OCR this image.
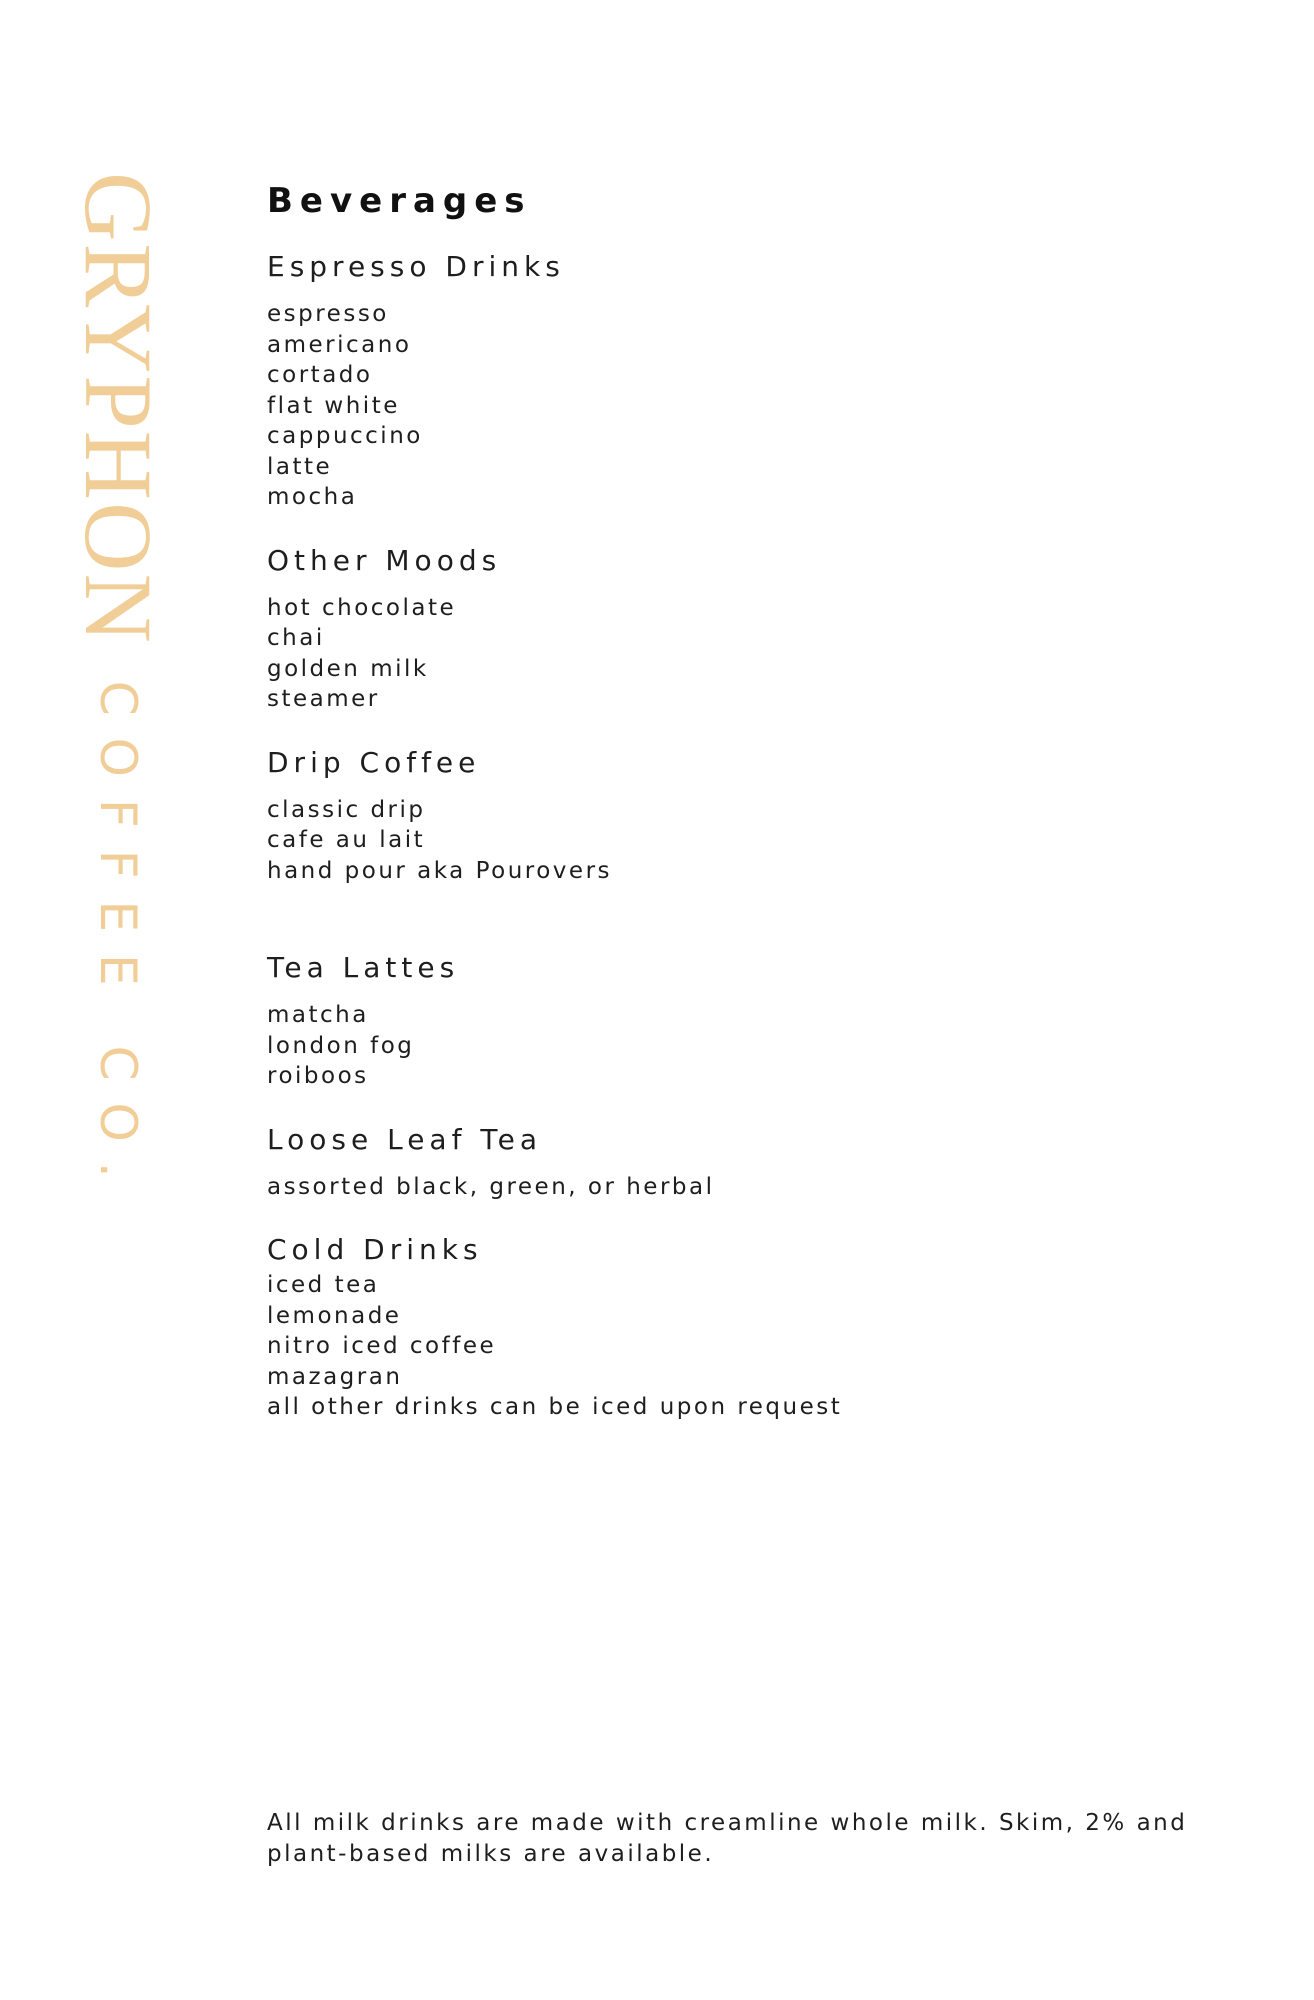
GRYPHONCOFFEE CO.
Beverages
Espresso Drinks
espresso
americano
cortado
flat white
cappuccino
latte
mocha
Other Moods
hot chocolate
chai
golden milk
steamer
Drip Coffee
classic drip
cafe au lait
hand pour aka Pourovers
Tea Lattes
matcha
london fog
roiboos
Loose Leaf Tea
assorted black, green, or herbal
Cold Drinks
iced tea
lemonade
nitro iced coffee
mazagran
all other drinks can be iced upon request
All milk drinks are made with creamline whole milk. Skim, 2% and plant-based milks are available.
